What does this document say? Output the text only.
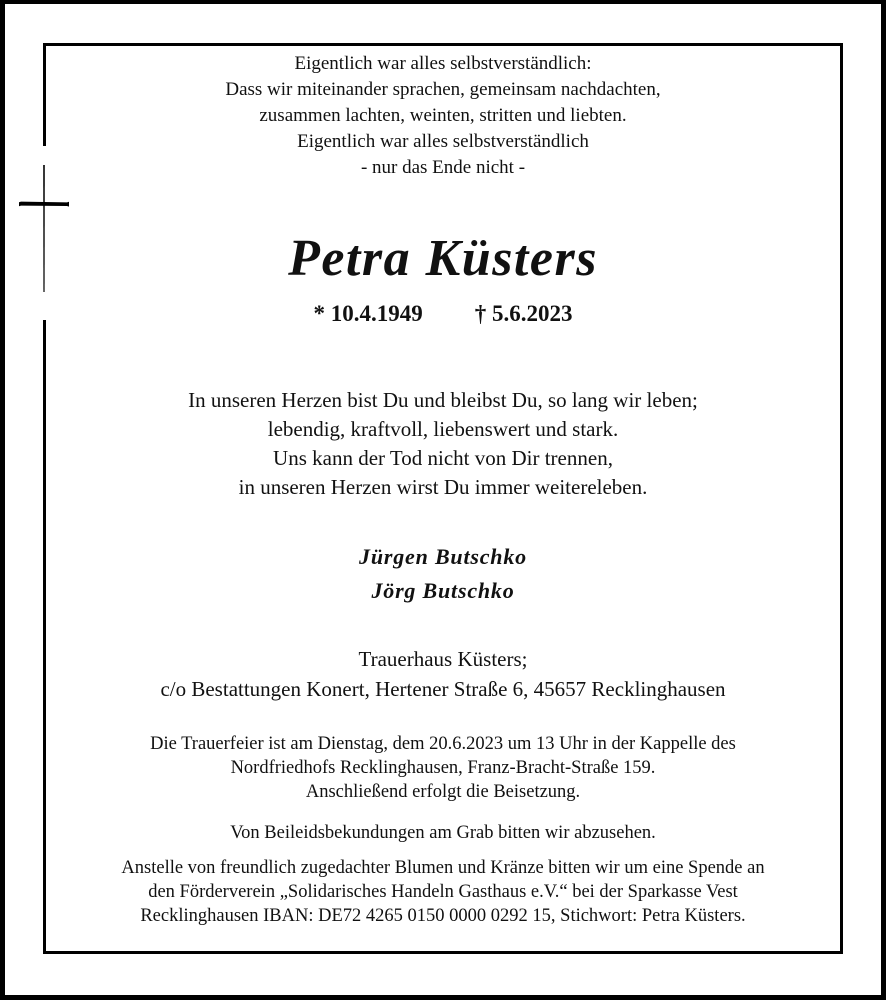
Eigentlich war alles selbstverständlich:
Dass wir miteinander sprachen, gemeinsam nachdachten,
zusammen lachten, weinten, stritten und liebten.
Eigentlich war alles selbstverständlich
- nur das Ende nicht -
Petra Küsters
* 10.4.1949 † 5.6.2023
In unseren Herzen bist Du und bleibst Du, so lang wir leben;
lebendig, kraftvoll, liebenswert und stark.
Uns kann der Tod nicht von Dir trennen,
in unseren Herzen wirst Du immer weitereleben.
Jürgen Butschko
Jörg Butschko
Trauerhaus Küsters;
c/o Bestattungen Konert, Hertener Straße 6, 45657 Recklinghausen
Die Trauerfeier ist am Dienstag, dem 20.6.2023 um 13 Uhr in der Kappelle des
Nordfriedhofs Recklinghausen, Franz-Bracht-Straße 159.
Anschließend erfolgt die Beisetzung.

Von Beileidsbekundungen am Grab bitten wir abzusehen.

Anstelle von freundlich zugedachter Blumen und Kränze bitten wir um eine Spende an
den Förderverein „Solidarisches Handeln Gasthaus e.V.“ bei der Sparkasse Vest
Recklinghausen IBAN: DE72 4265 0150 0000 0292 15, Stichwort: Petra Küsters.
